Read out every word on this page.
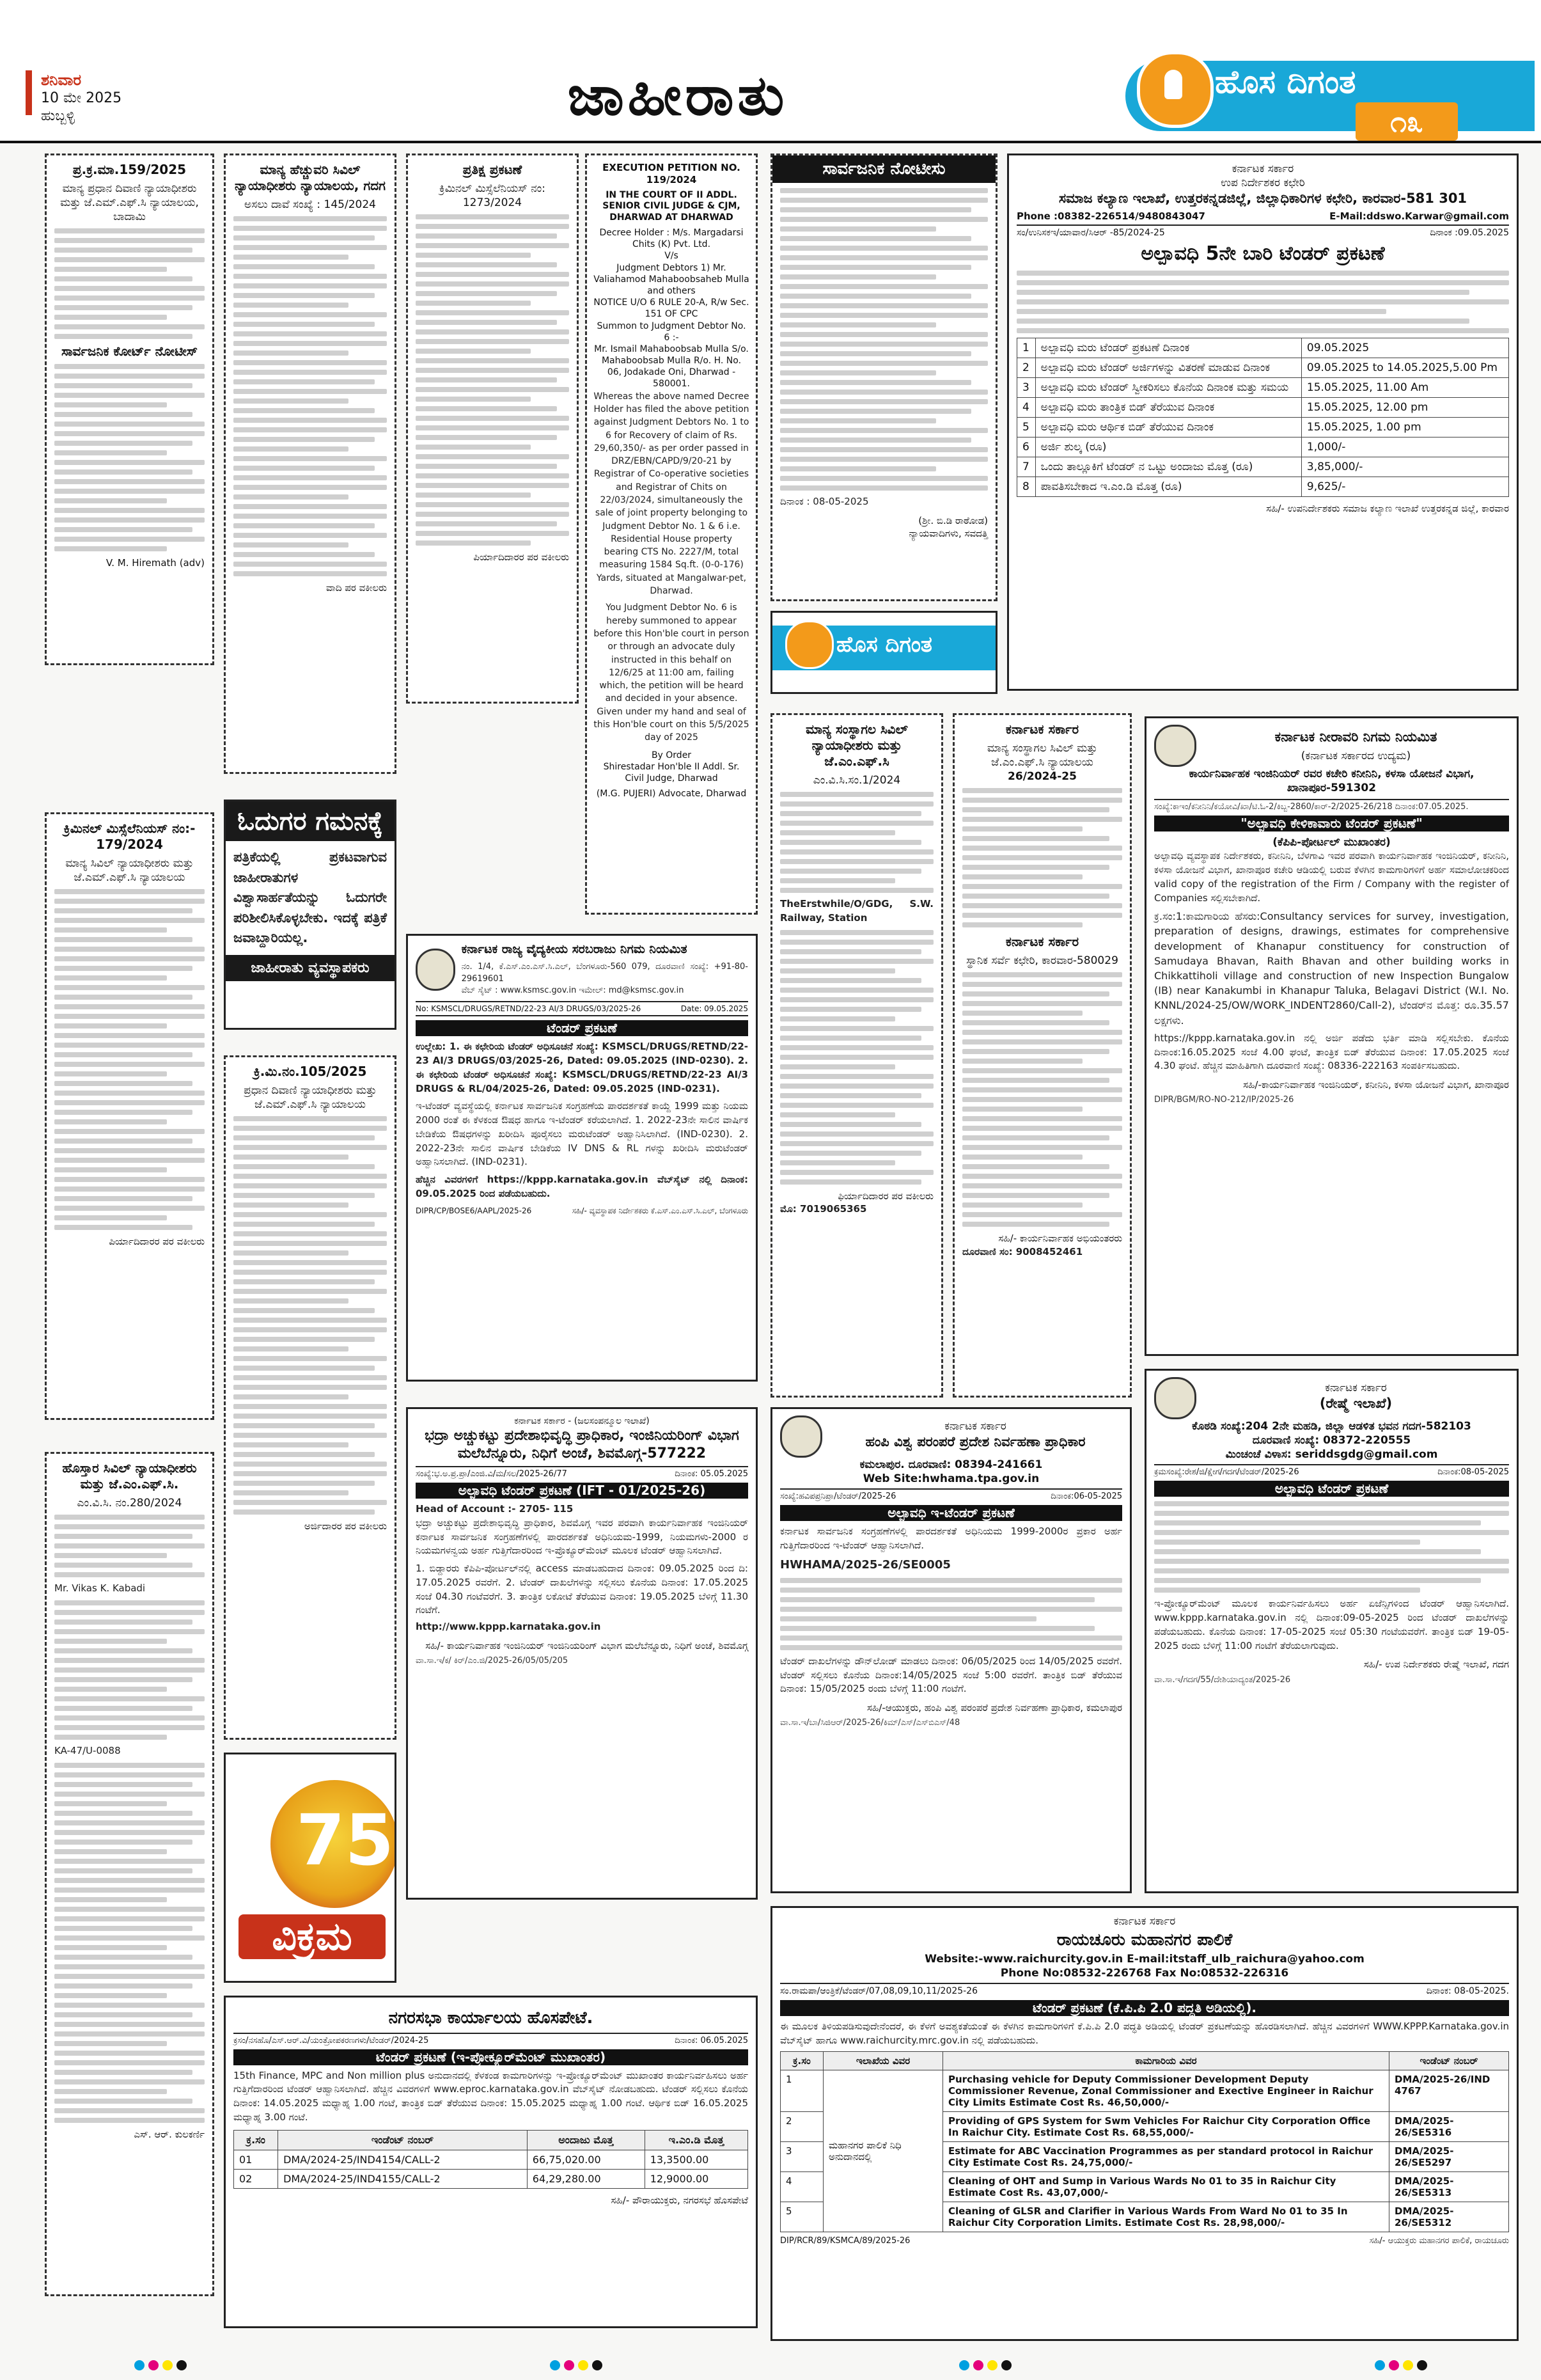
ಶನಿವಾರ
10 ಮೇ 2025
ಹುಬ್ಬಳ್ಳಿ	ಜಾಹೀರಾತು	ಹೊಸ ದಿಗಂತ
೧೩
ಪ್ರ.ಕ್ರ.ಮಾ.159/2025
ಮಾನ್ಯ ಪ್ರಧಾನ ದಿವಾಣಿ ನ್ಯಾಯಾಧೀಶರು ಮತ್ತು ಜೆ.ಎಮ್.ಎಫ್.ಸಿ ನ್ಯಾಯಾಲಯ, ಬಾದಾಮಿ
ಸಾರ್ವಜನಿಕ ಕೋರ್ಟ್ ನೋಟೀಸ್
V. M. Hiremath (adv)
ಕ್ರಿಮಿನಲ್ ಮಿಸ್ಸೆಲೆನಿಯಸ್ ನಂ:- 179/2024
ಮಾನ್ಯ ಸಿವಿಲ್ ನ್ಯಾಯಾಧೀಶರು ಮತ್ತು ಜೆ.ಎಮ್.ಎಫ್.ಸಿ ನ್ಯಾಯಾಲಯ
ಪಿರ್ಯಾದಿದಾರರ ಪರ ವಕೀಲರು
ಹೊಸ್ತಾರ ಸಿವಿಲ್ ನ್ಯಾಯಾಧೀಶರು ಮತ್ತು ಜೆ.ಎಂ.ಎಫ್.ಸಿ.
ಎಂ.ವಿ.ಸಿ. ನಂ.280/2024
Mr. Vikas K. Kabadi
KA-47/U-0088
ಎಸ್. ಆರ್. ಕುಲಕರ್ಣಿ
ಮಾನ್ಯ ಹೆಚ್ಚುವರಿ ಸಿವಿಲ್ ನ್ಯಾಯಾಧೀಶರು ನ್ಯಾಯಾಲಯ, ಗದಗ
ಅಸಲು ದಾವೆ ಸಂಖ್ಯೆ : 145/2024
ವಾದಿ ಪರ ವಕೀಲರು
ಓದುಗರ ಗಮನಕ್ಕೆ
ಪತ್ರಿಕೆಯಲ್ಲಿ ಪ್ರಕಟವಾಗುವ ಜಾಹೀರಾತುಗಳ ವಿಶ್ವಾಸಾರ್ಹತೆಯನ್ನು ಓದುಗರೇ ಪರಿಶೀಲಿಸಿಕೊಳ್ಳಬೇಕು. ಇದಕ್ಕೆ ಪತ್ರಿಕೆ ಜವಾಬ್ದಾರಿಯಲ್ಲ.
ಜಾಹೀರಾತು ವ್ಯವಸ್ಥಾಪಕರು
ಕ್ರಿ.ಮಿ.ನಂ.105/2025
ಪ್ರಧಾನ ದಿವಾಣಿ ನ್ಯಾಯಾಧೀಶರು ಮತ್ತು ಜೆ.ಎಮ್.ಎಫ್.ಸಿ ನ್ಯಾಯಾಲಯ
ಅರ್ಜಿದಾರರ ಪರ ವಕೀಲರು
75
ವಿಕ್ರಮ
ಪ್ರತಿಕ್ಷ ಪ್ರಕಟಣೆ
ಕ್ರಿಮಿನಲ್ ಮಿಸ್ಸೆಲೆನಿಯಸ್ ನಂ: 1273/2024
ಪಿರ್ಯಾದಿದಾರರ ಪರ ವಕೀಲರು
EXECUTION PETITION NO. 119/2024
IN THE COURT OF II ADDL. SENIOR CIVIL JUDGE & CJM, DHARWAD AT DHARWAD
Decree Holder : M/s. Margadarsi Chits (K) Pvt. Ltd.
V/s
Judgment Debtors 1) Mr. Valiahamod Mahaboobsaheb Mulla and others
NOTICE U/O 6 RULE 20-A, R/w Sec. 151 OF CPC
Summon to Judgment Debtor No. 6 :-
Mr. Ismail Mahaboobsab Mulla S/o. Mahaboobsab Mulla R/o. H. No. 06, Jodakade Oni, Dharwad - 580001.
Whereas the above named Decree Holder has filed the above petition against Judgment Debtors No. 1 to 6 for Recovery of claim of Rs. 29,60,350/- as per order passed in DRZ/EBN/CAPD/9/20-21 by Registrar of Co-operative societies and Registrar of Chits on 22/03/2024, simultaneously the sale of joint property belonging to Judgment Debtor No. 1 & 6 i.e. Residential House property bearing CTS No. 2227/M, total measuring 1584 Sq.ft. (0-0-176) Yards, situated at Mangalwar-pet, Dharwad.
You Judgment Debtor No. 6 is hereby summoned to appear before this Hon'ble court in person or through an advocate duly instructed in this behalf on 12/6/25 at 11:00 am, failing which, the petition will be heard and decided in your absence. Given under my hand and seal of this Hon'ble court on this 5/5/2025 day of 2025
By Order
Shirestadar Hon'ble II Addl. Sr. Civil Judge, Dharwad
(M.G. PUJERI) Advocate, Dharwad
ಕರ್ನಾಟಕ ರಾಜ್ಯ ವೈದ್ಯಕೀಯ ಸರಬರಾಜು ನಿಗಮ ನಿಯಮಿತ
ನಂ. 1/4, ಕೆ.ಎಸ್.ಎಂ.ಎಸ್.ಸಿ.ಎಲ್, ಬೆಂಗಳೂರು-560 079, ದೂರವಾಣಿ ಸಂಖ್ಯೆ: +91-80-29619601
ವೆಬ್ ಸೈಟ್ : www.ksmsc.gov.in ಇಮೇಲ್: md@ksmsc.gov.in
No: KSMSCL/DRUGS/RETND/22-23 AI/3 DRUGS/03/2025-26	Date: 09.05.2025
ಟೆಂಡರ್ ಪ್ರಕಟಣೆ
ಉಲ್ಲೇಖ: 1. ಈ ಕಛೇರಿಯ ಟೆಂಡರ್ ಅಧಿಸೂಚನೆ ಸಂಖ್ಯೆ: KSMSCL/DRUGS/RETND/22-23 AI/3 DRUGS/03/2025-26, Dated: 09.05.2025 (IND-0230). 2. ಈ ಕಛೇರಿಯ ಟೆಂಡರ್ ಅಧಿಸೂಚನೆ ಸಂಖ್ಯೆ: KSMSCL/DRUGS/RETND/22-23 AI/3 DRUGS & RL/04/2025-26, Dated: 09.05.2025 (IND-0231).
ಇ-ಟೆಂಡರ್ ವ್ಯವಸ್ಥೆಯಲ್ಲಿ ಕರ್ನಾಟಕ ಸಾರ್ವಜನಿಕ ಸಂಗ್ರಹಣೆಯ ಪಾರದರ್ಶಕತೆ ಕಾಯ್ದೆ 1999 ಮತ್ತು ನಿಯಮ 2000 ರಂತೆ ಈ ಕೆಳಕಂಡ ಔಷಧ ಹಾಗೂ ಇ-ಟೆಂಡರ್ ಕರೆಯಲಾಗಿದೆ. 1. 2022-23ನೇ ಸಾಲಿನ ವಾರ್ಷಿಕ ಬೇಡಿಕೆಯ ಔಷಧಗಳನ್ನು ಖರೀದಿಸಿ ಪೂರೈಸಲು ಮರುಟೆಂಡರ್ ಅಹ್ವಾನಿಸಿಲಾಗಿದೆ. (IND-0230). 2. 2022-23ನೇ ಸಾಲಿನ ವಾರ್ಷಿಕ ಬೇಡಿಕೆಯ IV DNS & RL ಗಳನ್ನು ಖರೀದಿಸಿ ಮರುಟೆಂಡರ್ ಅಹ್ವಾನಿಸಲಾಗಿದೆ. (IND-0231).
ಹೆಚ್ಚಿನ ವಿವರಗಳಿಗೆ https://kppp.karnataka.gov.in ವೆಬ್‌ಸೈಟ್ ನಲ್ಲಿ ದಿನಾಂಕ: 09.05.2025 ರಿಂದ ಪಡೆಯಬಹುದು.
DIPR/CP/BOSE6/AAPL/2025-26	ಸಹಿ/- ವ್ಯವಸ್ಥಾಪಕ ನಿರ್ದೇಶಕರು ಕೆ.ಎಸ್.ಎಂ.ಎಸ್.ಸಿ.ಎಲ್, ಬೆಂಗಳೂರು
ಕರ್ನಾಟಕ ಸರ್ಕಾರ - (ಜಲಸಂಪನ್ಮೂಲ ಇಲಾಖೆ)
ಭದ್ರಾ ಅಚ್ಚುಕಟ್ಟು ಪ್ರದೇಶಾಭಿವೃದ್ಧಿ ಪ್ರಾಧಿಕಾರ, ಇಂಜಿನಿಯರಿಂಗ್ ವಿಭಾಗ ಮಲೆಬೆನ್ನೂರು, ನಿಧಿಗೆ ಅಂಚೆ, ಶಿವಮೊಗ್ಗ-577222
ಸಂಖ್ಯೆ:ಭ.ಅ.ಪ್ರ.ಪ್ರಾ/ಎಂಜಿ.ವಿ/ಮ/ಸಲ/2025-26/77	ದಿನಾಂಕ: 05.05.2025
ಅಲ್ಪಾವಧಿ ಟೆಂಡರ್ ಪ್ರಕಟಣೆ (IFT - 01/2025-26)
Head of Account :- 2705- 115
ಭದ್ರಾ ಅಚ್ಚುಕಟ್ಟು ಪ್ರದೇಶಾಭಿವೃದ್ಧಿ ಪ್ರಾಧಿಕಾರ, ಶಿವಮೊಗ್ಗ ಇವರ ಪರವಾಗಿ ಕಾರ್ಯನಿರ್ವಾಹಕ ಇಂಜಿನಿಯರ್ ಕರ್ನಾಟಕ ಸಾರ್ವಜನಿಕ ಸಂಗ್ರಹಣೆಗಳಲ್ಲಿ ಪಾರದರ್ಶಕತೆ ಅಧಿನಿಯಮ-1999, ನಿಯಮಗಳು-2000 ರ ನಿಯಮಗಳನ್ವಯ ಅರ್ಹ ಗುತ್ತಿಗೆದಾರರಿಂದ ಇ-ಪ್ರೊಕ್ಯೂರ್‌ಮೆಂಟ್ ಮೂಲಕ ಟೆಂಡರ್ ಆಹ್ವಾನಿಸಲಾಗಿದೆ.
1. ಬಿಡ್ದಾರರು ಕೆಪಿಪಿ-ಪೋರ್ಟಲ್‌ನಲ್ಲಿ access ಮಾಡಬಹುದಾದ ದಿನಾಂಕ: 09.05.2025 ರಿಂದ ದಿ: 17.05.2025 ರವರೆಗೆ. 2. ಟೆಂಡರ್ ದಾಖಲೆಗಳನ್ನು ಸಲ್ಲಿಸಲು ಕೊನೆಯ ದಿನಾಂಕ: 17.05.2025 ಸಂಜೆ 04.30 ಗಂಟೆವರೆಗೆ. 3. ತಾಂತ್ರಿಕ ಲಕೋಟೆ ತೆರೆಯುವ ದಿನಾಂಕ: 19.05.2025 ಬೆಳಿಗ್ಗೆ 11.30 ಗಂಟೆಗೆ.
http://www.kppp.karnataka.gov.in
ಸಹಿ/- ಕಾರ್ಯನಿರ್ವಾಹಕ ಇಂಜಿನಿಯರ್ ಇಂಜಿನಿಯರಿಂಗ್ ವಿಭಾಗ ಮಲೆಬೆನ್ನೂರು, ನಿಧಿಗೆ ಅಂಚೆ, ಶಿವಮೊಗ್ಗ
ವಾ.ಸಾ.ಇ/ಕ/ ಕಿರ್/ಎಂ.ಜಿ/2025-26/05/05/205
ಸಾರ್ವಜನಿಕ ನೋಟೀಸು
ದಿನಾಂಕ : 08-05-2025
(ಶ್ರೀ. ಬಿ.ಡಿ ರಾಠೋಡ)
ನ್ಯಾಯವಾದಿಗಳು, ಸವದತ್ತಿ
ಹೊಸ ದಿಗಂತ
ಮಾನ್ಯ ಸಂಸ್ಥಾಗಲ ಸಿವಿಲ್ ನ್ಯಾಯಾಧೀಶರು ಮತ್ತು ಜೆ.ಎಂ.ಎಫ್.ಸಿ
ಎಂ.ವಿ.ಸಿ.ಸಂ.1/2024
TheErstwhile/O/GDG, S.W. Railway, Station
ಫಿರ್ಯಾದಿದಾರರ ಪರ ವಕೀಲರು
ಮೊ: 7019065365
ಕರ್ನಾಟಕ ಸರ್ಕಾರ
ಮಾನ್ಯ ಸಂಸ್ಥಾಗಲ ಸಿವಿಲ್ ಮತ್ತು ಜೆ.ಎಂ.ಎಫ್.ಸಿ ನ್ಯಾಯಾಲಯ
26/2024-25
ಕರ್ನಾಟಕ ಸರ್ಕಾರ
ಸ್ಥಾನಿಕ ಸರ್ವೆ ಕಛೇರಿ, ಕಾರವಾರ-580029
ಸಹಿ/- ಕಾರ್ಯನಿರ್ವಾಹಕ ಅಭಿಯಂತರರು
ದೂರವಾಣಿ ಸಂ: 9008452461
ಕರ್ನಾಟಕ ಸರ್ಕಾರ
ಉಪ ನಿರ್ದೇಶಕರ ಕಛೇರಿ
ಸಮಾಜ ಕಲ್ಯಾಣ ಇಲಾಖೆ, ಉತ್ತರಕನ್ನಡಜಿಲ್ಲೆ, ಜಿಲ್ಲಾಧಿಕಾರಿಗಳ ಕಛೇರಿ, ಕಾರವಾರ-581 301
Phone :08382-226514/9480843047	E-Mail:ddswo.Karwar@gmail.com
ಸಂ/ಉನಿಸಕಇ/ಯಾವಾರ/ಸಿಆರ್ -85/2024-25	ದಿನಾಂಕ :09.05.2025
ಅಲ್ಪಾವಧಿ 5ನೇ ಬಾರಿ ಟೆಂಡರ್ ಪ್ರಕಟಣೆ
1	ಅಲ್ಪಾವಧಿ ಮರು ಟೆಂಡರ್ ಪ್ರಕಟಣೆ ದಿನಾಂಕ	09.05.2025
2	ಅಲ್ಪಾವಧಿ ಮರು ಟೆಂಡರ್ ಅರ್ಜಿಗಳನ್ನು ವಿತರಣೆ ಮಾಡುವ ದಿನಾಂಕ	09.05.2025 to 14.05.2025,5.00 Pm
3	ಅಲ್ಪಾವಧಿ ಮರು ಟೆಂಡರ್ ಸ್ವೀಕರಿಸಲು ಕೊನೆಯ ದಿನಾಂಕ ಮತ್ತು ಸಮಯ	15.05.2025, 11.00 Am
4	ಅಲ್ಪಾವಧಿ ಮರು ತಾಂತ್ರಿಕ ಬಿಡ್ ತೆರೆಯುವ ದಿನಾಂಕ	15.05.2025, 12.00 pm
5	ಅಲ್ಪಾವಧಿ ಮರು ಆರ್ಥಿಕ ಬಿಡ್ ತೆರೆಯುವ ದಿನಾಂಕ	15.05.2025, 1.00 pm
6	ಅರ್ಜಿ ಶುಲ್ಕ (ರೂ)	1,000/-
7	ಒಂದು ತಾಲ್ಲೂಕಿಗೆ ಟೆಂಡರ್ ನ ಒಟ್ಟು ಅಂದಾಜು ಮೊತ್ತ (ರೂ)	3,85,000/-
8	ಪಾವತಿಸಬೇಕಾದ ಇ.ಎಂ.ಡಿ ಮೊತ್ತ (ರೂ)	9,625/-
ಸಹಿ/- ಉಪನಿರ್ದೇಶಕರು ಸಮಾಜ ಕಲ್ಯಾಣ ಇಲಾಖೆ ಉತ್ತರಕನ್ನಡ ಜಿಲ್ಲೆ, ಕಾರವಾರ
ಕರ್ನಾಟಕ ನೀರಾವರಿ ನಿಗಮ ನಿಯಮಿತ
(ಕರ್ನಾಟಕ ಸರ್ಕಾರದ ಉದ್ಯಮ)
ಕಾರ್ಯನಿರ್ವಾಹಕ ಇಂಜಿನಿಯರ್ ರವರ ಕಚೇರಿ ಕನೀನಿನಿ, ಕಳಸಾ ಯೋಜನೆ ವಿಭಾಗ, ಖಾನಾಪೂರ-591302
ಸಂಖ್ಯೆ:ಕಾಇಂ/ಕನೀನಿನಿ/ಕಯೋವಿ/ಖಾ/ಟಿ.ಓ-2/ಕಿಬ್ಬ-2860/ಕಾರ್-2/2025-26/218 ದಿನಾಂಕ:07.05.2025.
"ಅಲ್ಪಾವಧಿ ಕೇಳಿಕಾವಾರು ಟೆಂಡರ್ ಪ್ರಕಟಣೆ"
(ಕೆಪಿಪಿ-ಪೋರ್ಟಲ್ ಮುಖಾಂತರ)
ಅಲ್ಪಾವಧಿ ವ್ಯವಸ್ಥಾಪಕ ನಿರ್ದೇಶಕರು, ಕನೀನಿನಿ, ಬೆಳಗಾವಿ ಇವರ ಪರವಾಗಿ ಕಾರ್ಯನಿರ್ವಾಹಕ ಇಂಜಿನಿಯರ್, ಕನೀನಿನಿ, ಕಳಸಾ ಯೋಜನೆ ವಿಭಾಗ, ಖಾನಾಪೂರ ಕಚೇರಿ ಆಡಿಯಲ್ಲಿ ಬರುವ ಕೆಳಗಿನ ಕಾಮಗಾರಿಗಳಿಗೆ ಅರ್ಹ ಸಮಾಲೋಚಕರಿಂದ valid copy of the registration of the Firm / Company with the register of Companies ಸಲ್ಲಿಸಬೇಕಾಗಿದೆ.
ಕ್ರ.ಸಂ:1:ಕಾಮಗಾರಿಯ ಹೆಸರು:Consultancy services for survey, investigation, preparation of designs, drawings, estimates for comprehensive development of Khanapur constituency for construction of Samudaya Bhavan, Raith Bhavan and other building works in Chikkattiholi village and construction of new Inspection Bungalow (IB) near Kanakumbi in Khanapur Taluka, Belagavi District (W.I. No. KNNL/2024-25/OW/WORK_INDENT2860/Call-2), ಟೆಂಡರ್‌ನ ಮೊತ್ತ: ರೂ.35.57 ಲಕ್ಷಗಳು.
https://kppp.karnataka.gov.in ನಲ್ಲಿ ಅರ್ಜಿ ಪಡೆದು ಭರ್ತಿ ಮಾಡಿ ಸಲ್ಲಿಸಬೇಕು. ಕೊನೆಯ ದಿನಾಂಕ:16.05.2025 ಸಂಜೆ 4.00 ಘಂಟೆ, ತಾಂತ್ರಿಕ ಬಿಡ್ ತೆರೆಯುವ ದಿನಾಂಕ: 17.05.2025 ಸಂಜೆ 4.30 ಘಂಟೆ. ಹೆಚ್ಚಿನ ಮಾಹಿತಿಗಾಗಿ ದೂರವಾಣಿ ಸಂಖ್ಯೆ: 08336-222163 ಸಂಪರ್ಕಿಸಬಹುದು.
ಸಹಿ/-ಕಾರ್ಯನಿರ್ವಾಹಕ ಇಂಜಿನಿಯರ್, ಕನೀನಿನಿ, ಕಳಸಾ ಯೋಜನೆ ವಿಭಾಗ, ಖಾನಾಪೂರ
DIPR/BGM/RO-NO-212/IP/2025-26
ಕರ್ನಾಟಕ ಸರ್ಕಾರ
ಹಂಪಿ ವಿಶ್ವ ಪರಂಪರೆ ಪ್ರದೇಶ ನಿರ್ವಹಣಾ ಪ್ರಾಧಿಕಾರ
ಕಮಲಾಪುರ. ದೂರವಾಣಿ: 08394-241661
Web Site:hwhama.tpa.gov.in
ಸಂಖ್ಯೆ:ಹವಿಪಪ್ರನಿಪ್ರಾ/ಟೆಂಡರ್/2025-26	ದಿನಾಂಕ:06-05-2025
ಅಲ್ಪಾವಧಿ ಇ-ಟೆಂಡರ್ ಪ್ರಕಟಣೆ
ಕರ್ನಾಟಕ ಸಾರ್ವಜನಿಕ ಸಂಗ್ರಹಣೆಗಳಲ್ಲಿ ಪಾರದರ್ಶಕತೆ ಅಧಿನಿಯಮ 1999-2000ರ ಪ್ರಕಾರ ಅರ್ಹ ಗುತ್ತಿಗೆದಾರರಿಂದ ಇ-ಟೆಂಡರ್ ಆಹ್ವಾನಿಸಲಾಗಿದೆ.
HWHAMA/2025-26/SE0005
ಟೆಂಡರ್ ದಾಖಲೆಗಳನ್ನು ಡೌನ್‌ಲೋಡ್ ಮಾಡಲು ದಿನಾಂಕ: 06/05/2025 ರಿಂದ 14/05/2025 ರವರೆಗೆ. ಟೆಂಡರ್ ಸಲ್ಲಿಸಲು ಕೊನೆಯ ದಿನಾಂಕ:14/05/2025 ಸಂಜೆ 5:00 ರವರೆಗೆ. ತಾಂತ್ರಿಕ ಬಿಡ್ ತೆರೆಯುವ ದಿನಾಂಕ: 15/05/2025 ರಂದು ಬೆಳಗ್ಗೆ 11:00 ಗಂಟೆಗೆ.
ಸಹಿ/-ಆಯುಕ್ತರು, ಹಂಪಿ ವಿಶ್ವ ಪರಂಪರೆ ಪ್ರದೇಶ ನಿರ್ವಹಣಾ ಪ್ರಾಧಿಕಾರ, ಕಮಲಾಪುರ
ವಾ.ಸಾ.ಇ/ಬಾ/ಸಿಜಿಆರ್/2025-26/ಕಿಮ್/ಎಸ್/ಎಸ್‌ಬಿಎಸ್/48
ಕರ್ನಾಟಕ ಸರ್ಕಾರ
(ರೇಷ್ಮೆ ಇಲಾಖೆ)
ಕೊಠಡಿ ಸಂಖ್ಯೆ:204 2ನೇ ಮಹಡಿ, ಜಿಲ್ಲಾ ಆಡಳಿತ ಭವನ ಗದಗ-582103
ದೂರವಾಣಿ ಸಂಖ್ಯೆ: 08372-220555
ಮಿಂಚಂಚೆ ವಿಳಾಸ: seriddsgdg@gmail.com
ಕ್ರಮಸಂಖ್ಯೆ:ರೇಶ/ಜಿ/ಕ್ಷೇಗ/ಗದಗ/ಟೆಂಡರ್/2025-26	ದಿನಾಂಕ:08-05-2025
ಅಲ್ಪಾವಧಿ ಟೆಂಡರ್ ಪ್ರಕಟಣೆ
ಇ-ಪ್ರೋಕ್ಯೂರ್‌ಮೆಂಟ್ ಮೂಲಕ ಕಾರ್ಯನಿರ್ವಹಿಸಲು ಅರ್ಹ ಏಜೆನ್ಸಿಗಳಿಂದ ಟೆಂಡರ್ ಆಹ್ವಾನಿಸಲಾಗಿದೆ. www.kppp.karnataka.gov.in ನಲ್ಲಿ ದಿನಾಂಕ:09-05-2025 ರಿಂದ ಟೆಂಡರ್ ದಾಖಲೆಗಳನ್ನು ಪಡೆಯಬಹುದು. ಕೊನೆಯ ದಿನಾಂಕ: 17-05-2025 ಸಂಜೆ 05:30 ಗಂಟೆಯವರೆಗೆ. ತಾಂತ್ರಿಕ ಬಿಡ್ 19-05-2025 ರಂದು ಬೆಳಿಗ್ಗೆ 11:00 ಗಂಟೆಗೆ ತೆರೆಯಲಾಗುವುದು.
ಸಹಿ/- ಉಪ ನಿರ್ದೇಶಕರು ರೇಷ್ಮೆ ಇಲಾಖೆ, ಗದಗ
ವಾ.ಸಾ.ಇ/ಗದಗ/55/ದೇಶಿಯಾದ್ಯಂತ/2025-26
ನಗರಸಭಾ ಕಾರ್ಯಾಲಯ ಹೊಸಪೇಟೆ.
ಕ್ರಸಂ/ನಸಹೊ/ಎಸ್.ಆರ್.ವಿ/ಯಂತ್ರೋಪಕರಣಗಳು/ಟೆಂಡರ್/2024-25	ದಿನಾಂಕ: 06.05.2025
ಟೆಂಡರ್ ಪ್ರಕಟಣೆ (ಇ-ಪ್ರೋಕ್ಯೂರ್‌ಮೆಂಟ್ ಮುಖಾಂತರ)
15th Finance, MPC and Non million plus ಅನುದಾನದಲ್ಲಿ ಕೆಳಕಂಡ ಕಾಮಗಾರಿಗಳನ್ನು ಇ-ಪ್ರೋಕ್ಯೂರ್‌ಮೆಂಟ್ ಮುಖಾಂತರ ಕಾರ್ಯನಿರ್ವಹಿಸಲು ಅರ್ಹ ಗುತ್ತಿಗೆದಾರರಿಂದ ಟೆಂಡರ್ ಆಹ್ವಾನಿಸಲಾಗಿದೆ. ಹೆಚ್ಚಿನ ವಿವರಗಳಿಗೆ www.eproc.karnataka.gov.in ವೆಬ್‌ಸೈಟ್ ನೋಡಬಹುದು. ಟೆಂಡರ್ ಸಲ್ಲಿಸಲು ಕೊನೆಯ ದಿನಾಂಕ: 14.05.2025 ಮಧ್ಯಾಹ್ನ 1.00 ಗಂಟೆ, ತಾಂತ್ರಿಕ ಬಿಡ್ ತೆರೆಯುವ ದಿನಾಂಕ: 15.05.2025 ಮಧ್ಯಾಹ್ನ 1.00 ಗಂಟೆ. ಆರ್ಥಿಕ ಬಿಡ್ 16.05.2025 ಮಧ್ಯಾಹ್ನ 3.00 ಗಂಟೆ.
ಕ್ರ.ಸಂ	ಇಂಡೆಂಟ್ ನಂಬರ್	ಅಂದಾಜು ಮೊತ್ತ	ಇ.ಎಂ.ಡಿ ಮೊತ್ತ
01	DMA/2024-25/IND4154/CALL-2	66,75,020.00	13,3500.00
02	DMA/2024-25/IND4155/CALL-2	64,29,280.00	12,9000.00
ಸಹಿ/- ಪೌರಾಯುಕ್ತರು, ನಗರಸಭೆ ಹೊಸಪೇಟೆ
ಕರ್ನಾಟಕ ಸರ್ಕಾರ
ರಾಯಚೂರು ಮಹಾನಗರ ಪಾಲಿಕೆ
Website:-www.raichurcity.gov.in E-mail:itstaff_ulb_raichura@yahoo.com
Phone No:08532-226768 Fax No:08532-226316
ಸಂ.ರಾಮಪಾ/ಆಂತ್ರಿಕೆ/ಟೆಂಡರ್/07,08,09,10,11/2025-26	ದಿನಾಂಕ: 08-05-2025.
ಟೆಂಡರ್ ಪ್ರಕಟಣೆ (ಕೆ.ಪಿ.ಪಿ 2.0 ಪದ್ಧತಿ ಅಡಿಯಲ್ಲಿ).
ಈ ಮೂಲಕ ತಿಳಿಯಪಡಿಸುವುದೇನೆಂದರೆ, ಈ ಕೆಳಗೆ ಅವಶ್ಯಕತೆಯಂತೆ ಈ ಕೆಳಗಿನ ಕಾಮಗಾರಿಗಳಿಗೆ ಕೆ.ಪಿ.ಪಿ 2.0 ಪದ್ಧತಿ ಅಡಿಯಲ್ಲಿ ಟೆಂಡರ್ ಪ್ರಕಟಣೆಯನ್ನು ಹೊರಡಿಸಲಾಗಿದೆ. ಹೆಚ್ಚಿನ ವಿವರಗಳಿಗೆ WWW.KPPP.Karnataka.gov.in ವೆಬ್‌ಸೈಟ್ ಹಾಗೂ www.raichurcity.mrc.gov.in ನಲ್ಲಿ ಪಡೆಯಬಹುದು.
ಕ್ರ.ಸಂ	ಇಲಾಖೆಯ ವಿವರ	ಕಾಮಗಾರಿಯ ವಿವರ	ಇಂಡೆಂಟ್ ನಂಬರ್
1	ಮಹಾನಗರ ಪಾಲಿಕೆ ನಿಧಿ ಅನುದಾನದಲ್ಲಿ	Purchasing vehicle for Deputy Commissioner Development Deputy Commissioner Revenue, Zonal Commissioner and Exective Engineer in Raichur City Limits Estimate Cost Rs. 46,50,000/-	DMA/2025-26/IND 4767
2		Providing of GPS System for Swm Vehicles For Raichur City Corporation Office In Raichur City. Estimate Cost Rs. 68,55,000/-	DMA/2025-26/SE5316
3		Estimate for ABC Vaccination Programmes as per standard protocol in Raichur City Estimate Cost Rs. 24,75,000/-	DMA/2025-26/SE5297
4		Cleaning of OHT and Sump in Various Wards No 01 to 35 in Raichur City Estimate Cost Rs. 43,07,000/-	DMA/2025-26/SE5313
5		Cleaning of GLSR and Clarifier in Various Wards From Ward No 01 to 35 In Raichur City Corporation Limits. Estimate Cost Rs. 28,98,000/-	DMA/2025-26/SE5312
DIP/RCR/89/KSMCA/89/2025-26	ಸಹಿ/- ಆಯುಕ್ತರು ಮಹಾನಗರ ಪಾಲಿಕೆ, ರಾಯಚೂರು
